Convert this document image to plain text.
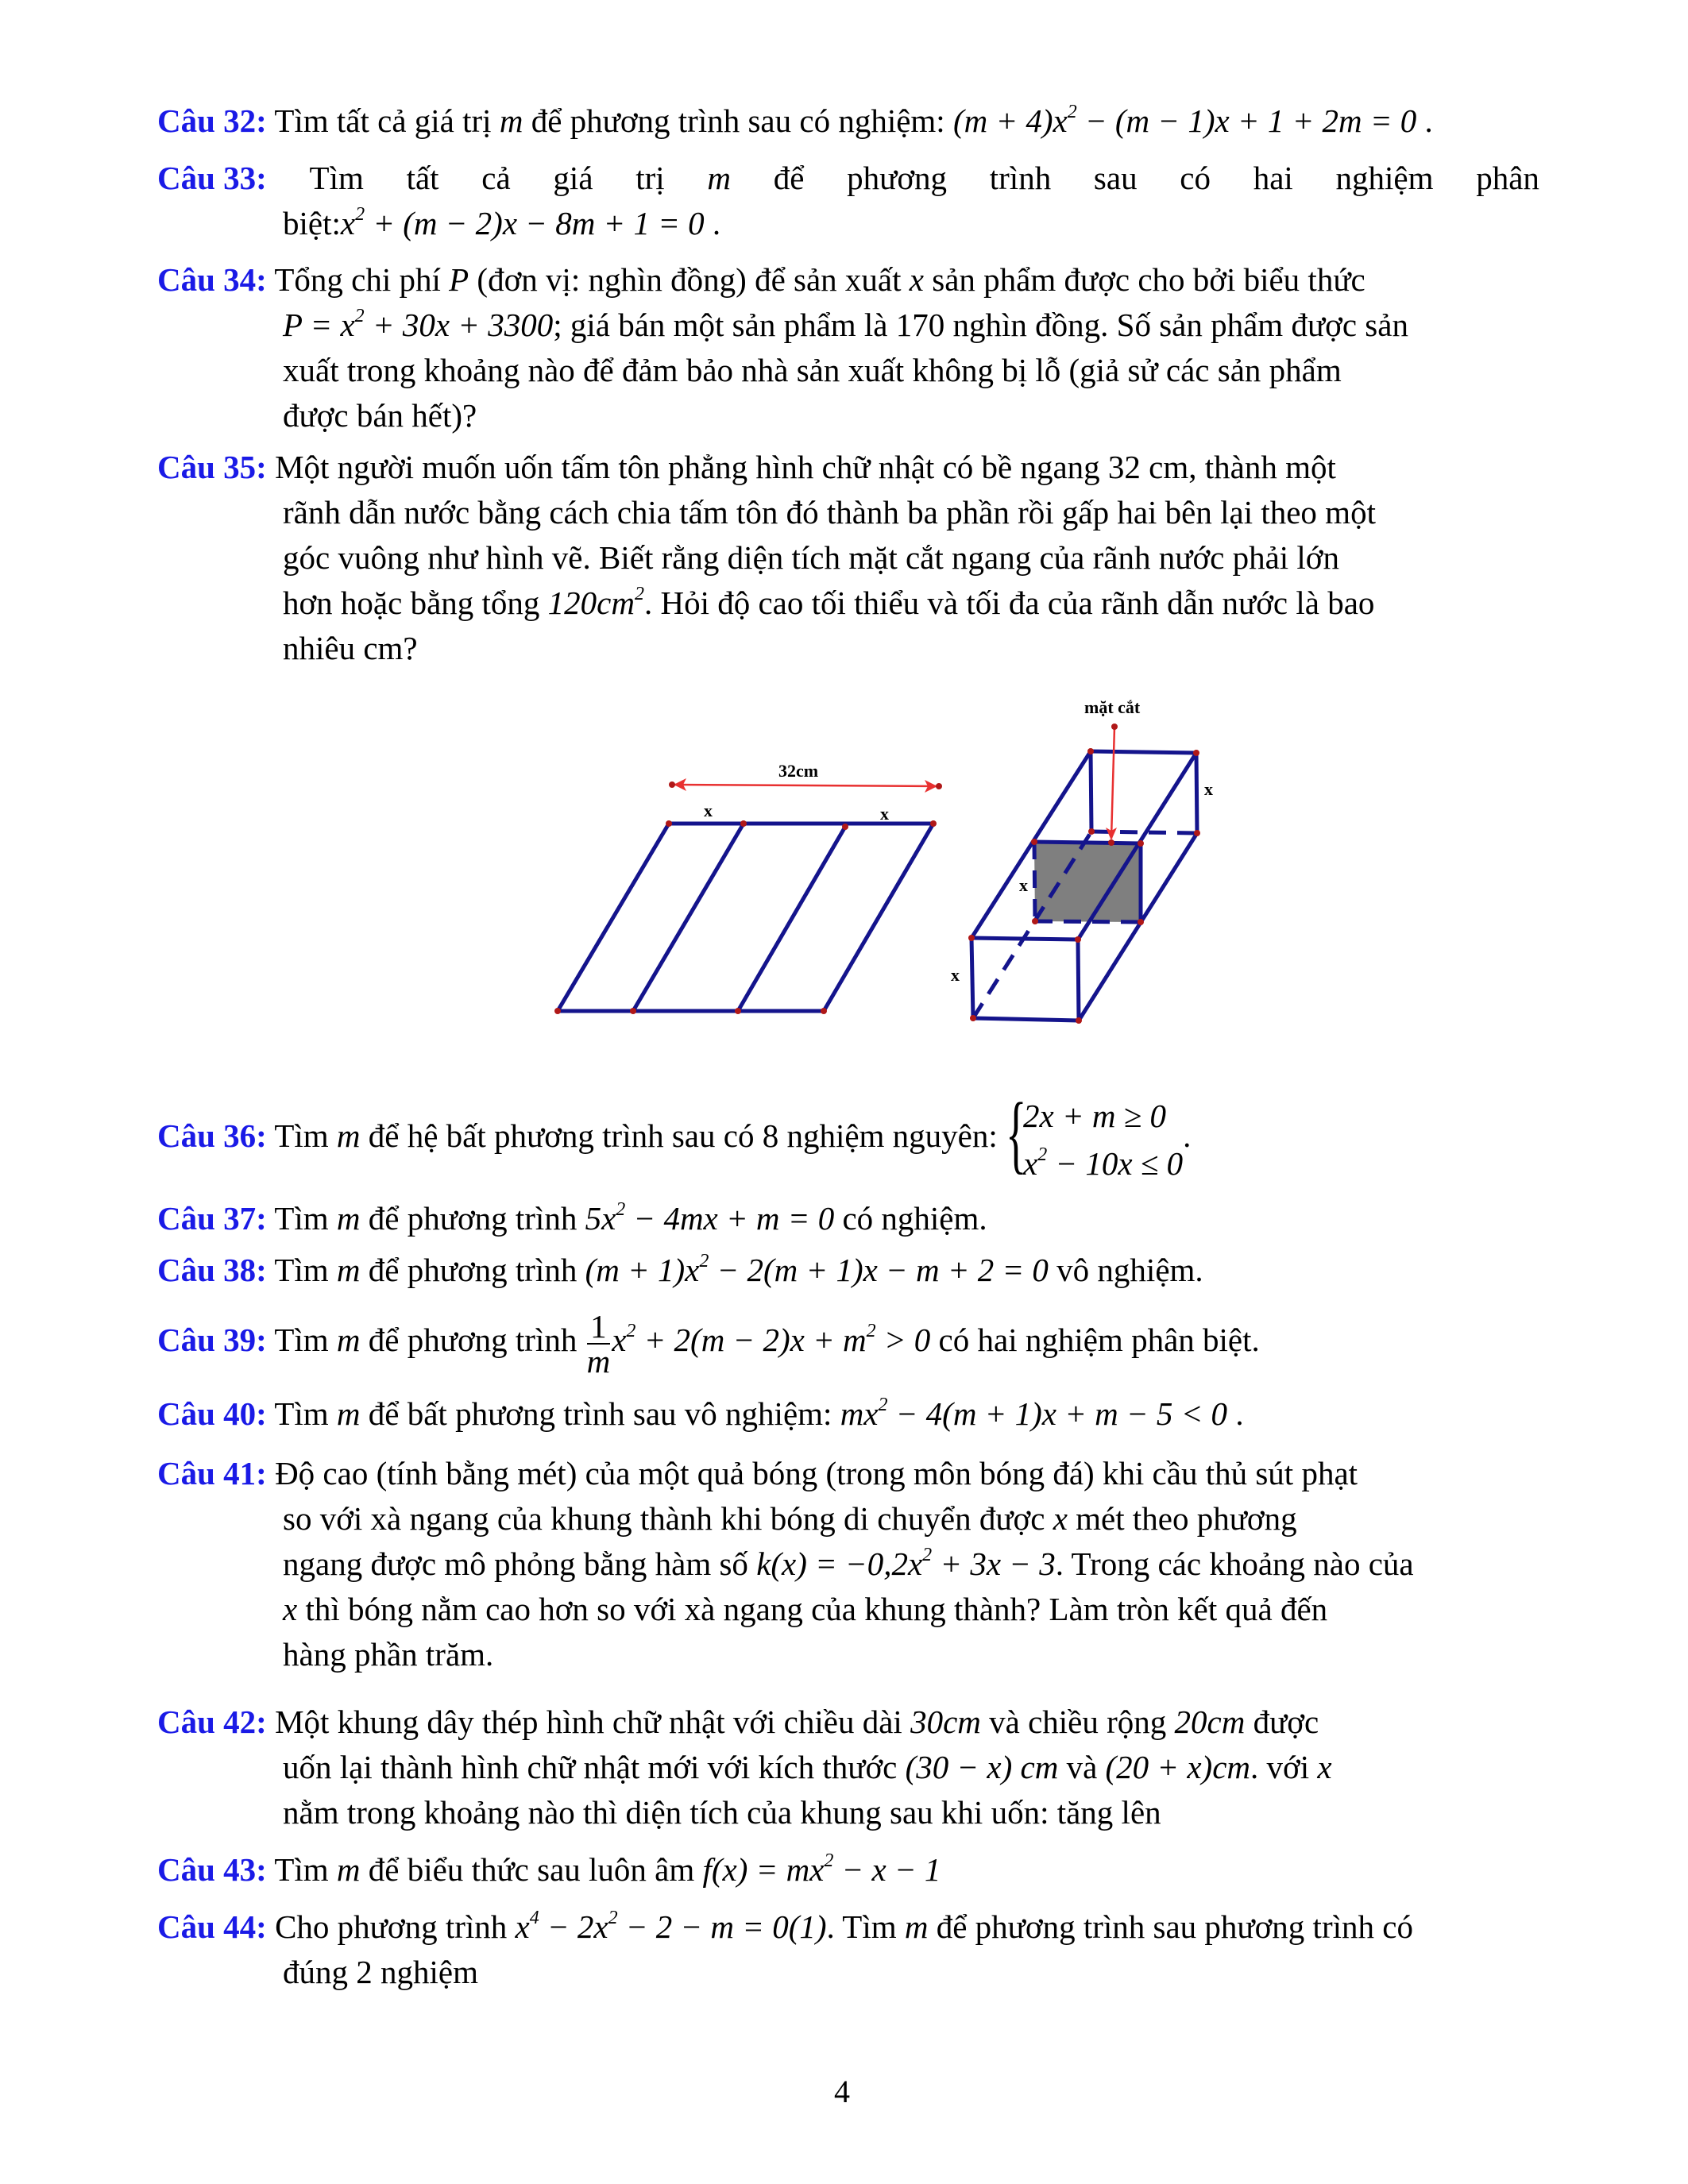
Câu 32: Tìm tất cả giá trị m để phương trình sau có nghiệm: $(m + 4)x^2 - (m - 1)x + 1 + 2m = 0$ .
Câu 33: Tìm tất cả giá trị m để phương trình sau có hai nghiệm phân
$biệt:x^2 + (m - 2)x - 8m + 1 = 0$ .
Câu 34: Tổng chi phí P (đơn vị: nghìn đồng) để sản xuất x sản phẩm được cho bởi biểu thức
$P = x^2 + 30x + 3300$; giá bán một sản phẩm là 170 nghìn đồng. Số sản phẩm được sản
xuất trong khoảng nào để đảm bảo nhà sản xuất không bị lỗ (giả sử các sản phẩm
được bán hết)?
Câu 35: Một người muốn uốn tấm tôn phẳng hình chữ nhật có bề ngang 32 cm, thành một
rãnh dẫn nước bằng cách chia tấm tôn đó thành ba phần rồi gấp hai bên lại theo một
góc vuông như hình vẽ. Biết rằng diện tích mặt cắt ngang của rãnh nước phải lớn
hơn hoặc bằng tổng $120cm^2$. Hỏi độ cao tối thiểu và tối đa của rãnh dẫn nước là bao
nhiêu cm?
32cm
x	x
mặt cắt
x
x
x
Câu 36: Tìm m để hệ bất phương trình sau có 8 nghiệm nguyên: {
2x + m ≥ 0
$x^2 - 10x \le 0$
.
Câu 37: Tìm m để phương trình $5x^2 - 4mx + m = 0$ có nghiệm.
Câu 38: Tìm m để phương trình $(m + 1)x^2 - 2(m + 1)x - m + 2 = 0$ vô nghiệm.
Câu 39: Tìm m để phương trình $\frac{1}{m} x^2 + 2(m - 2)x + m^2 > 0$ có hai nghiệm phân biệt.
Câu 40: Tìm m để bất phương trình sau vô nghiệm: $mx^2 - 4(m + 1)x + m - 5 < 0$ .
Câu 41: Độ cao (tính bằng mét) của một quả bóng (trong môn bóng đá) khi cầu thủ sút phạt
so với xà ngang của khung thành khi bóng di chuyển được x mét theo phương
ngang được mô phỏng bằng hàm số $k(x) = -0,2x^2 + 3x - 3$. Trong các khoảng nào của
x thì bóng nằm cao hơn so với xà ngang của khung thành? Làm tròn kết quả đến
hàng phần trăm.
Câu 42: Một khung dây thép hình chữ nhật với chiều dài 30cm và chiều rộng 20cm được
uốn lại thành hình chữ nhật mới với kích thước (30 − x) cm và (20 + x)cm. với x
nằm trong khoảng nào thì diện tích của khung sau khi uốn: tăng lên
Câu 43: Tìm m để biểu thức sau luôn âm $f(x) = mx^2 - x - 1$
Câu 44: Cho phương trình $x^4 - 2x^2 - 2 - m = 0(1)$. Tìm m để phương trình sau phương trình có
đúng 2 nghiệm
4
